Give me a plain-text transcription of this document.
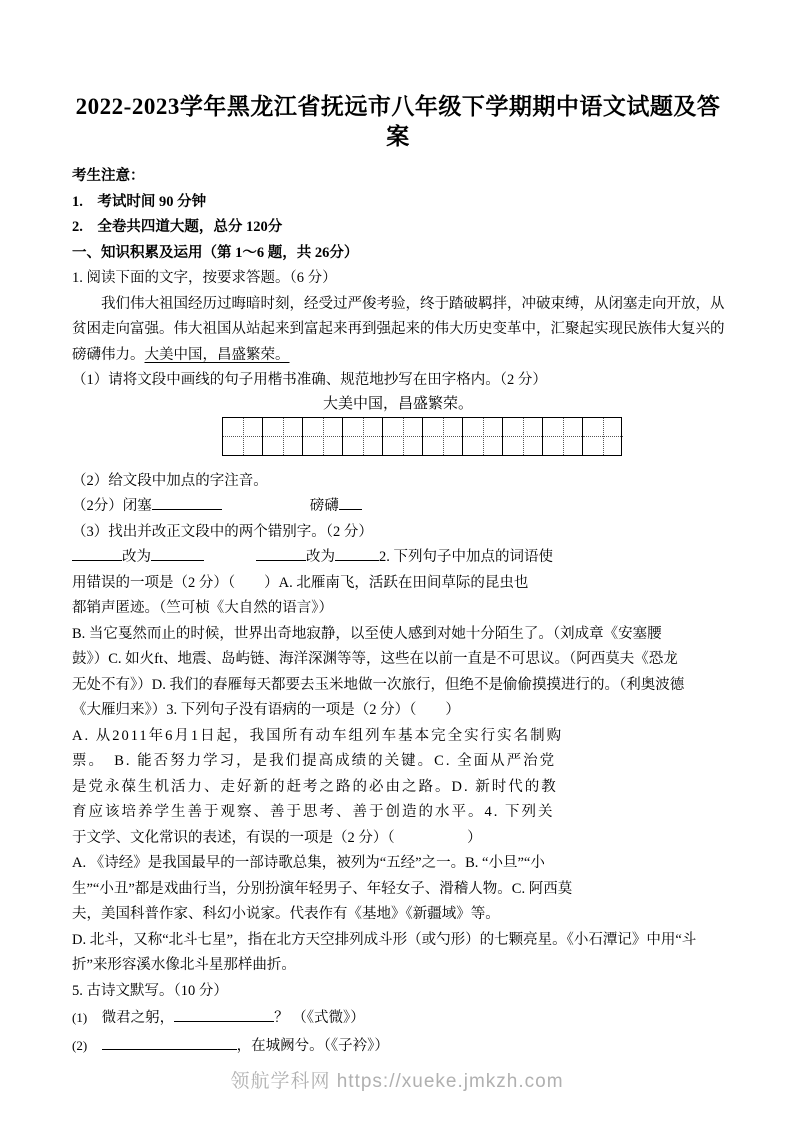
2022-2023学年黑龙江省抚远市八年级下学期期中语文试题及答案
考生注意：
1.　考试时间 90 分钟
2.　全卷共四道大题，总分 120分
一、知识积累及运用（第 1～6 题，共 26分）
1. 阅读下面的文字，按要求答题。（6 分）
我们伟大祖国经历过晦暗时刻，经受过严俊考验，终于踏破羁拌，冲破束缚，从闭塞走向开放，从
贫困走向富强。伟大祖国从站起来到富起来再到强起来的伟大历史变革中，汇聚起实现民族伟大复兴的
磅礴伟力。大美中国，昌盛繁荣。
（1）请将文段中画线的句子用楷书准确、规范地抄写在田字格内。（2 分）
大美中国，昌盛繁荣。
（2）给文段中加点的字注音。
（2分）闭塞	磅礴
（3）找出并改正文段中的两个错别字。（2 分）
改为	改为	2. 下列句子中加点的词语使
用错误的一项是（2 分）（　　）A. 北雁南飞，活跃在田间草际的昆虫也
都销声匿迹。（竺可桢《大自然的语言》）
B. 当它戛然而止的时候，世界出奇地寂静，以至使人感到对她十分陌生了。（刘成章《安塞腰
鼓》）C. 如火ft、地震、岛屿链、海洋深渊等等，这些在以前一直是不可思议。（阿西莫夫《恐龙
无处不有》）D. 我们的春雁每天都要去玉米地做一次旅行，但绝不是偷偷摸摸进行的。（利奥波德
《大雁归来》）3. 下列句子没有语病的一项是（2 分）（　　）
A. 从2011年6月1日起，我国所有动车组列车基本完全实行实名制购
票。　B. 能否努力学习，是我们提高成绩的关键。C. 全面从严治党
是党永葆生机活力、走好新的赶考之路的必由之路。D. 新时代的教
育应该培养学生善于观察、善于思考、善于创造的水平。4. 下列关
于文学、文化常识的表述，有误的一项是（2 分）（　　　　　）
A. 《诗经》是我国最早的一部诗歌总集，被列为“五经”之一。B. “小旦”“小
生”“小丑”都是戏曲行当，分别扮演年轻男子、年轻女子、滑稽人物。C. 阿西莫
夫，美国科普作家、科幻小说家。代表作有《基地》《新疆域》等。
D. 北斗，又称“北斗七星”，指在北方天空排列成斗形（或勺形）的七颗亮星。《小石潭记》中用“斗
折”来形容溪水像北斗星那样曲折。
5. 古诗文默写。（10 分）
(1)　微君之躬，	？ （《式微》）
(2)　	，在城阙兮。（《子衿》）
领航学科网 https://xueke.jmkzh.com
